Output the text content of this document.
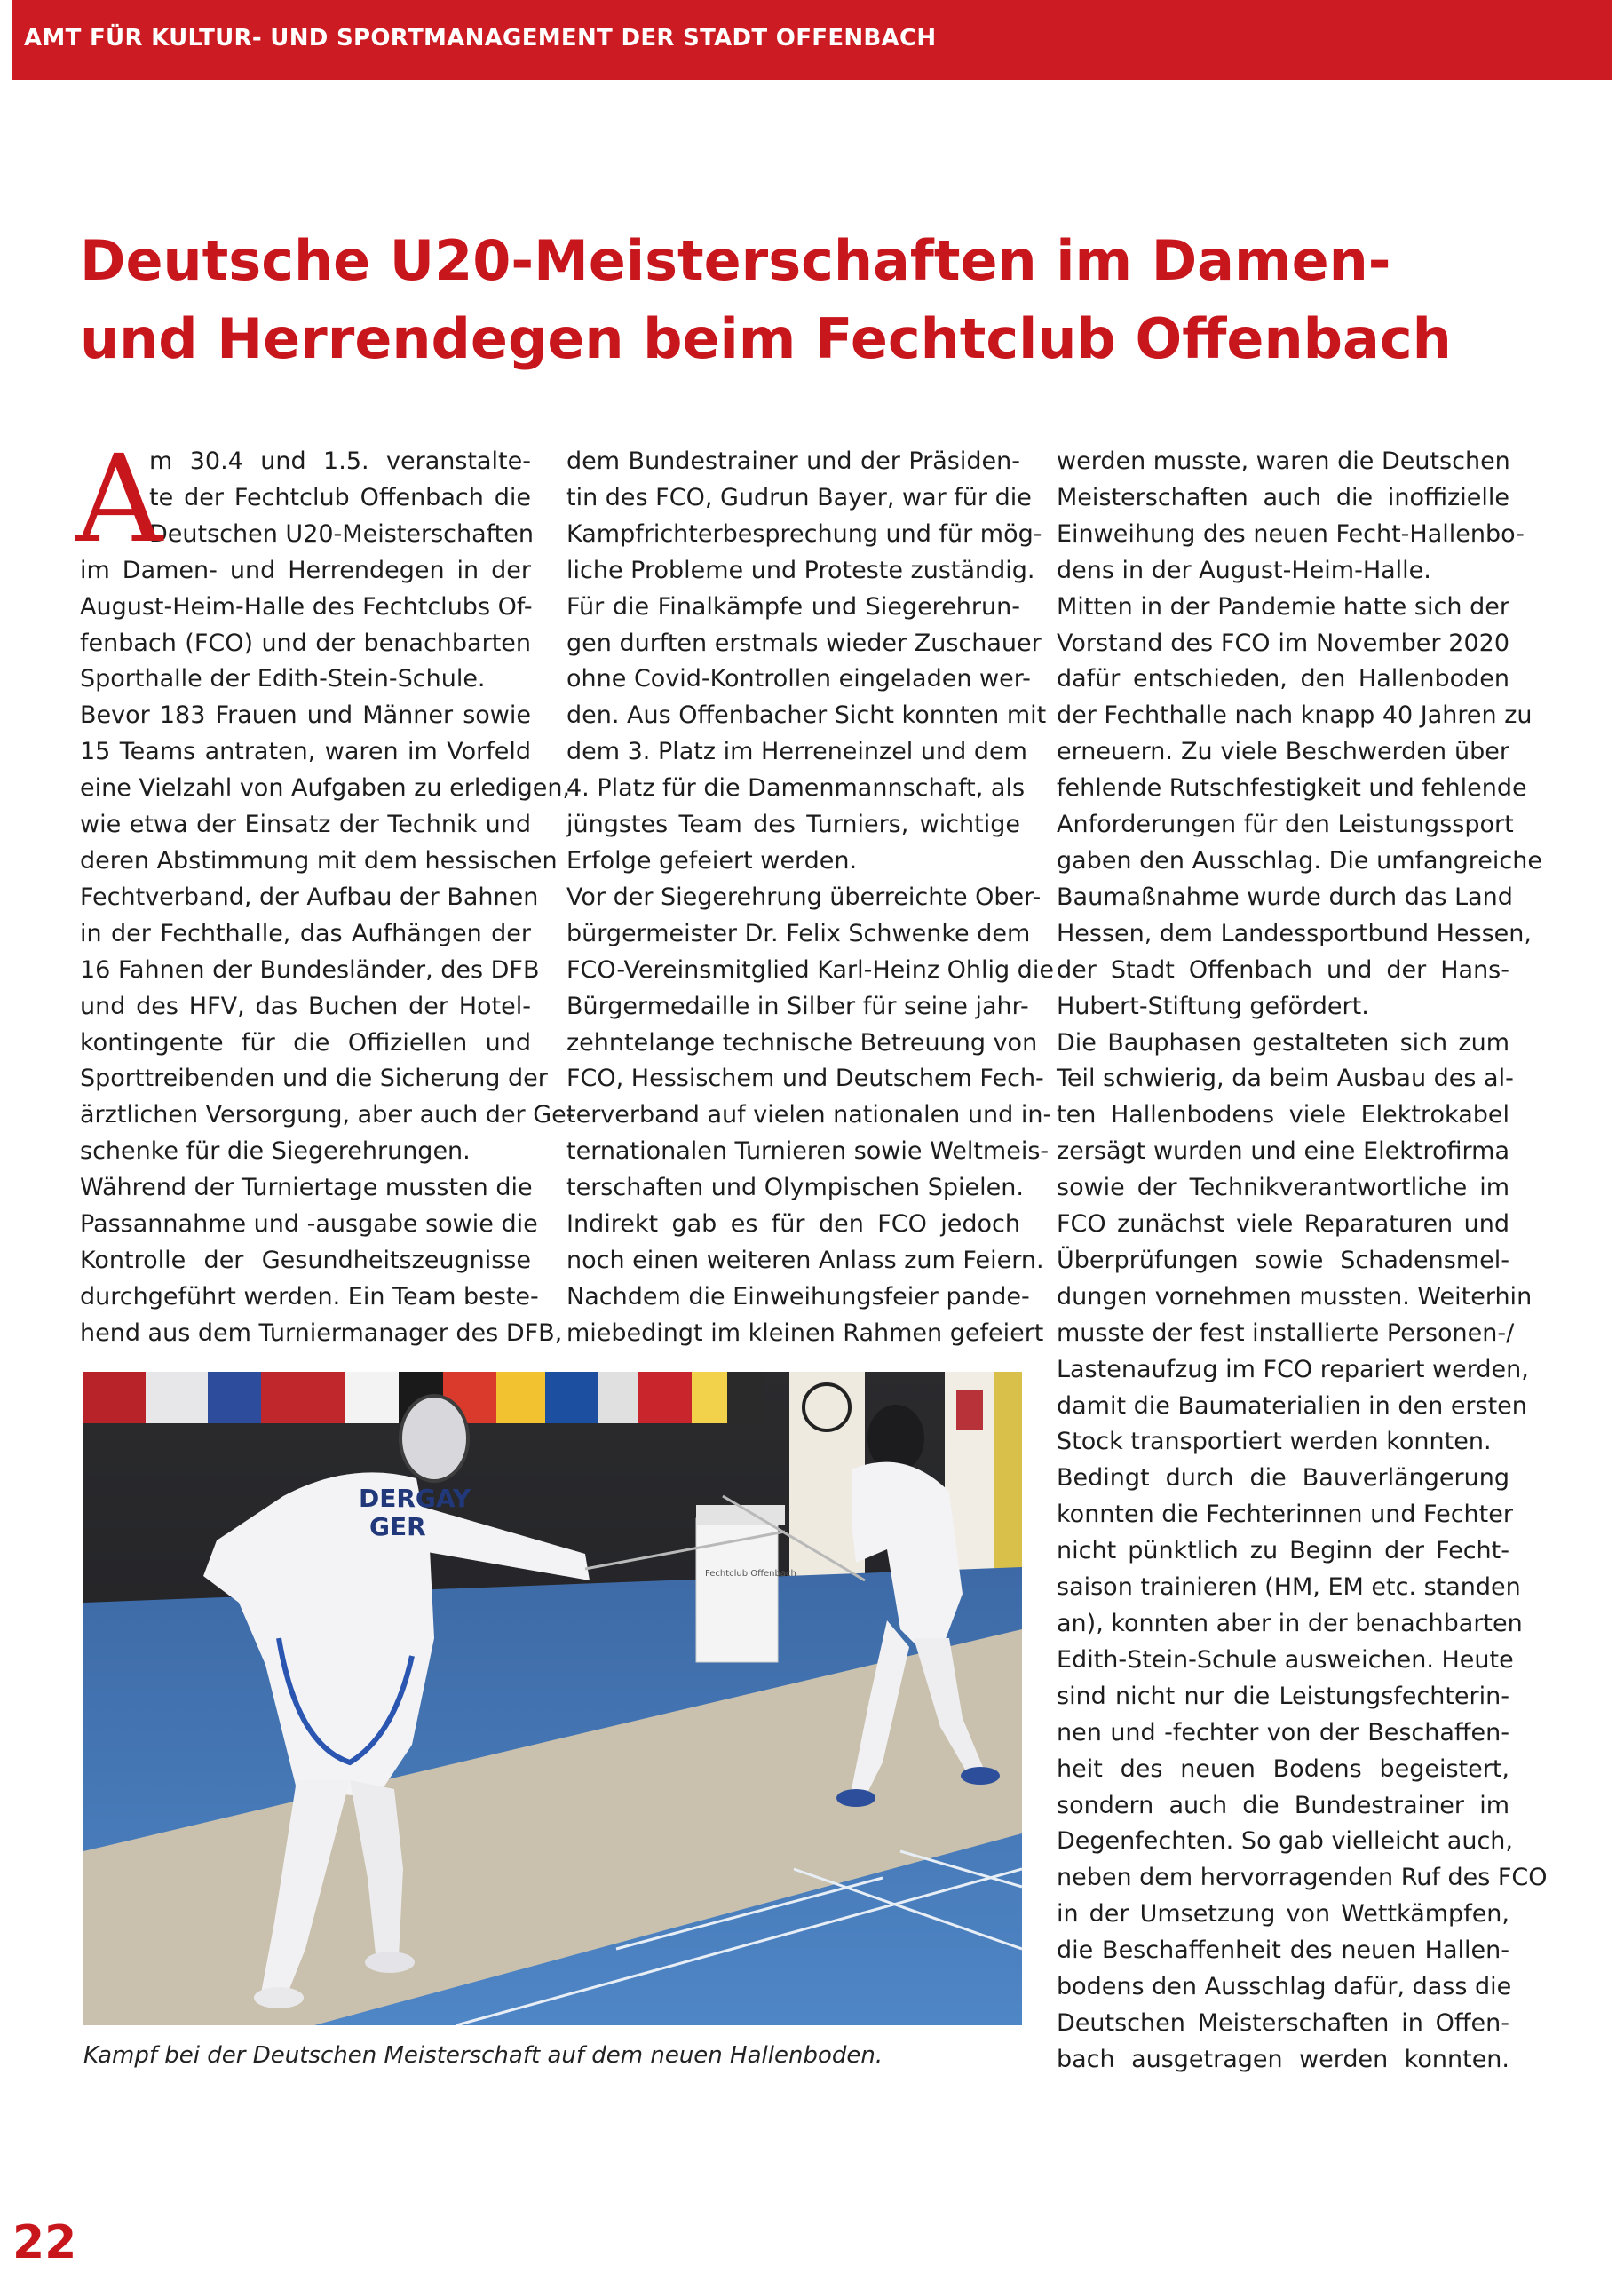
AMT FÜR KULTUR- UND SPORTMANAGEMENT DER STADT OFFENBACH
Deutsche U20-Meisterschaften im Damen-
und Herrendegen beim Fechtclub Offenbach
A
m 30.4 und 1.5. veranstalte-
te der Fechtclub Offenbach die
Deutschen U20-Meisterschaften
im Damen- und Herrendegen in der
August-Heim-Halle des Fechtclubs Of-
fenbach (FCO) und der benachbarten
Sporthalle der Edith-Stein-Schule.
Bevor 183 Frauen und Männer sowie
15 Teams antraten, waren im Vorfeld
eine Vielzahl von Aufgaben zu erledigen,
wie etwa der Einsatz der Technik und
deren Abstimmung mit dem hessischen
Fechtverband, der Aufbau der Bahnen
in der Fechthalle, das Aufhängen der
16 Fahnen der Bundesländer, des DFB
und des HFV, das Buchen der Hotel-
kontingente für die Offiziellen und
Sporttreibenden und die Sicherung der
ärztlichen Versorgung, aber auch der Ge-
schenke für die Siegerehrungen.
Während der Turniertage mussten die
Passannahme und -ausgabe sowie die
Kontrolle der Gesundheitszeugnisse
durchgeführt werden. Ein Team beste-
hend aus dem Turniermanager des DFB,
dem Bundestrainer und der Präsiden-
tin des FCO, Gudrun Bayer, war für die
Kampfrichterbesprechung und für mög-
liche Probleme und Proteste zuständig.
Für die Finalkämpfe und Siegerehrun-
gen durften erstmals wieder Zuschauer
ohne Covid-Kontrollen eingeladen wer-
den. Aus Offenbacher Sicht konnten mit
dem 3. Platz im Herreneinzel und dem
4. Platz für die Damenmannschaft, als
jüngstes Team des Turniers, wichtige
Erfolge gefeiert werden.
Vor der Siegerehrung überreichte Ober-
bürgermeister Dr. Felix Schwenke dem
FCO-Vereinsmitglied Karl-Heinz Ohlig die
Bürgermedaille in Silber für seine jahr-
zehntelange technische Betreuung von
FCO, Hessischem und Deutschem Fech-
terverband auf vielen nationalen und in-
ternationalen Turnieren sowie Weltmeis-
terschaften und Olympischen Spielen.
Indirekt gab es für den FCO jedoch
noch einen weiteren Anlass zum Feiern.
Nachdem die Einweihungsfeier pande-
miebedingt im kleinen Rahmen gefeiert
werden musste, waren die Deutschen
Meisterschaften auch die inoffizielle
Einweihung des neuen Fecht-Hallenbo-
dens in der August-Heim-Halle.
Mitten in der Pandemie hatte sich der
Vorstand des FCO im November 2020
dafür entschieden, den Hallenboden
der Fechthalle nach knapp 40 Jahren zu
erneuern. Zu viele Beschwerden über
fehlende Rutschfestigkeit und fehlende
Anforderungen für den Leistungssport
gaben den Ausschlag. Die umfangreiche
Baumaßnahme wurde durch das Land
Hessen, dem Landessportbund Hessen,
der Stadt Offenbach und der Hans-
Hubert-Stiftung gefördert.
Die Bauphasen gestalteten sich zum
Teil schwierig, da beim Ausbau des al-
ten Hallenbodens viele Elektrokabel
zersägt wurden und eine Elektrofirma
sowie der Technikverantwortliche im
FCO zunächst viele Reparaturen und
Überprüfungen sowie Schadensmel-
dungen vornehmen mussten. Weiterhin
musste der fest installierte Personen-/
Lastenaufzug im FCO repariert werden,
damit die Baumaterialien in den ersten
Stock transportiert werden konnten.
Bedingt durch die Bauverlängerung
konnten die Fechterinnen und Fechter
nicht pünktlich zu Beginn der Fecht-
saison trainieren (HM, EM etc. standen
an), konnten aber in der benachbarten
Edith-Stein-Schule ausweichen. Heute
sind nicht nur die Leistungsfechterin-
nen und -fechter von der Beschaffen-
heit des neuen Bodens begeistert,
sondern auch die Bundestrainer im
Degenfechten. So gab vielleicht auch,
neben dem hervorragenden Ruf des FCO
in der Umsetzung von Wettkämpfen,
die Beschaffenheit des neuen Hallen-
bodens den Ausschlag dafür, dass die
Deutschen Meisterschaften in Offen-
bach ausgetragen werden konnten.
Fechtclub Offenbach
DERGAY
GER
Kampf bei der Deutschen Meisterschaft auf dem neuen Hallenboden.
22
